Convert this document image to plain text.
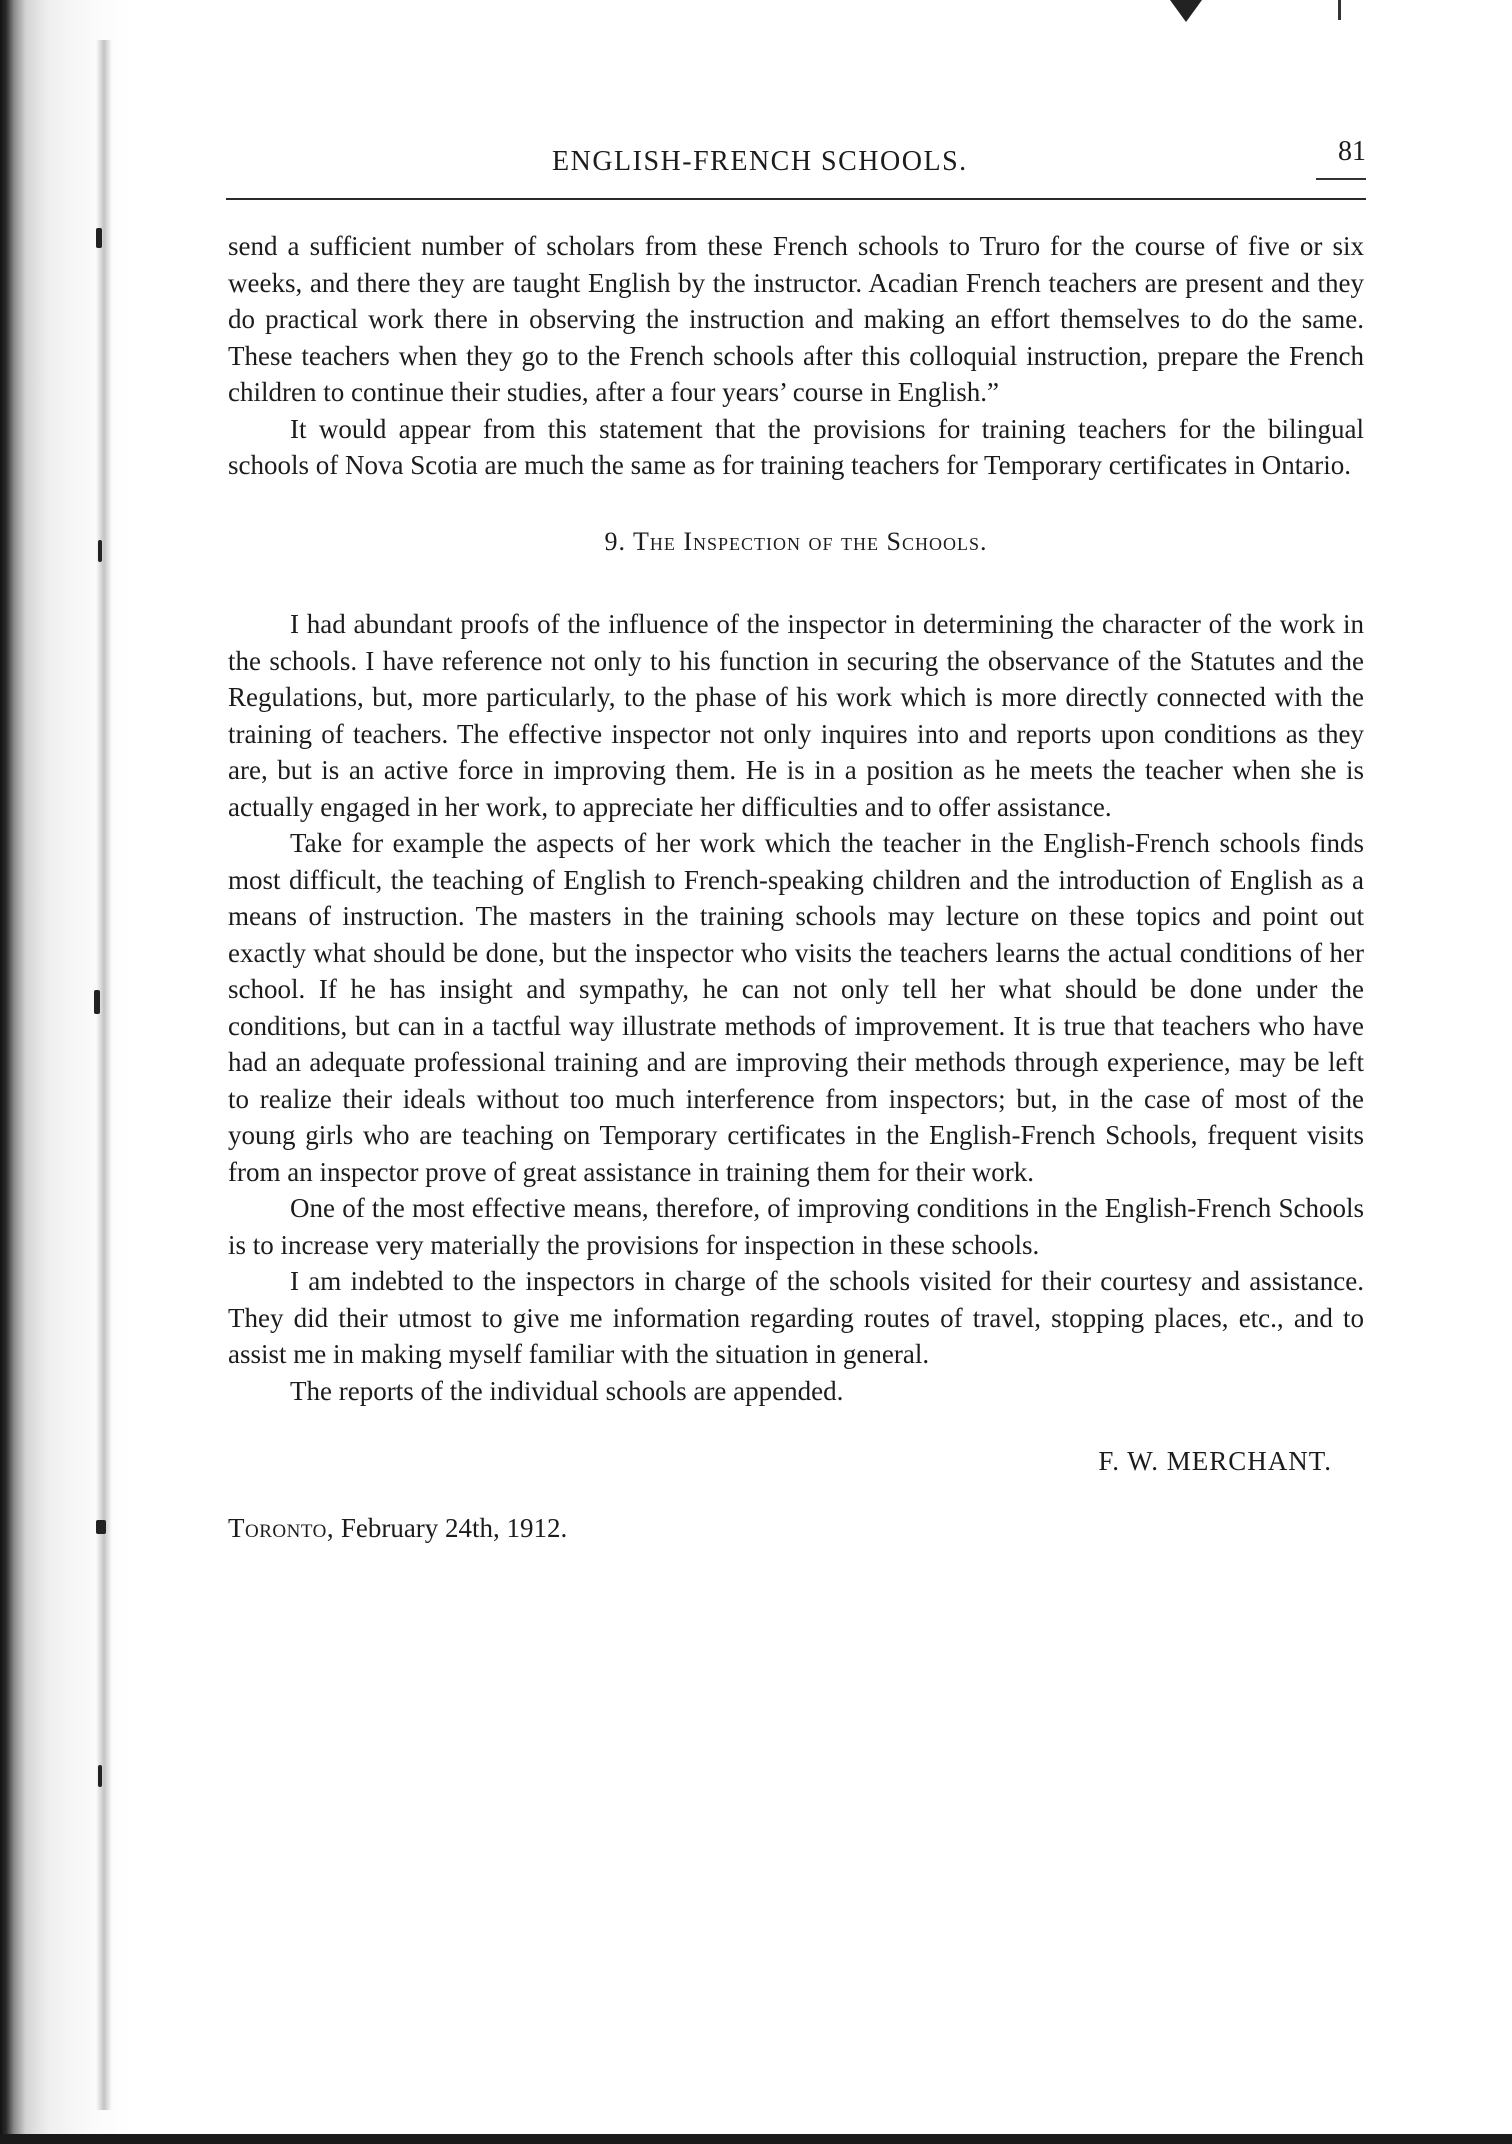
ENGLISH-FRENCH SCHOOLS.	81

send a sufficient number of scholars from these French schools to Truro for the course of five or six weeks, and there they are taught English by the instructor. Acadian French teachers are present and they do practical work there in observing the instruction and making an effort themselves to do the same. These teachers when they go to the French schools after this colloquial instruction, prepare the French children to continue their studies, after a four years’ course in English.”

It would appear from this statement that the provisions for training teachers for the bilingual schools of Nova Scotia are much the same as for training teachers for Temporary certificates in Ontario.

9. The Inspection of the Schools.

I had abundant proofs of the influence of the inspector in determining the character of the work in the schools. I have reference not only to his function in securing the observance of the Statutes and the Regulations, but, more particularly, to the phase of his work which is more directly connected with the training of teachers. The effective inspector not only inquires into and reports upon conditions as they are, but is an active force in improving them. He is in a position as he meets the teacher when she is actually engaged in her work, to appreciate her difficulties and to offer assistance.

Take for example the aspects of her work which the teacher in the English-French schools finds most difficult, the teaching of English to French-speaking children and the introduction of English as a means of instruction. The masters in the training schools may lecture on these topics and point out exactly what should be done, but the inspector who visits the teachers learns the actual conditions of her school. If he has insight and sympathy, he can not only tell her what should be done under the conditions, but can in a tactful way illustrate methods of improvement. It is true that teachers who have had an adequate professional training and are improving their methods through experience, may be left to realize their ideals without too much interference from inspectors; but, in the case of most of the young girls who are teaching on Temporary certificates in the English-French Schools, frequent visits from an inspector prove of great assistance in training them for their work.

One of the most effective means, therefore, of improving conditions in the English-French Schools is to increase very materially the provisions for inspection in these schools.

I am indebted to the inspectors in charge of the schools visited for their courtesy and assistance. They did their utmost to give me information regarding routes of travel, stopping places, etc., and to assist me in making myself familiar with the situation in general.

The reports of the individual schools are appended.

F. W. MERCHANT.

Toronto, February 24th, 1912.
